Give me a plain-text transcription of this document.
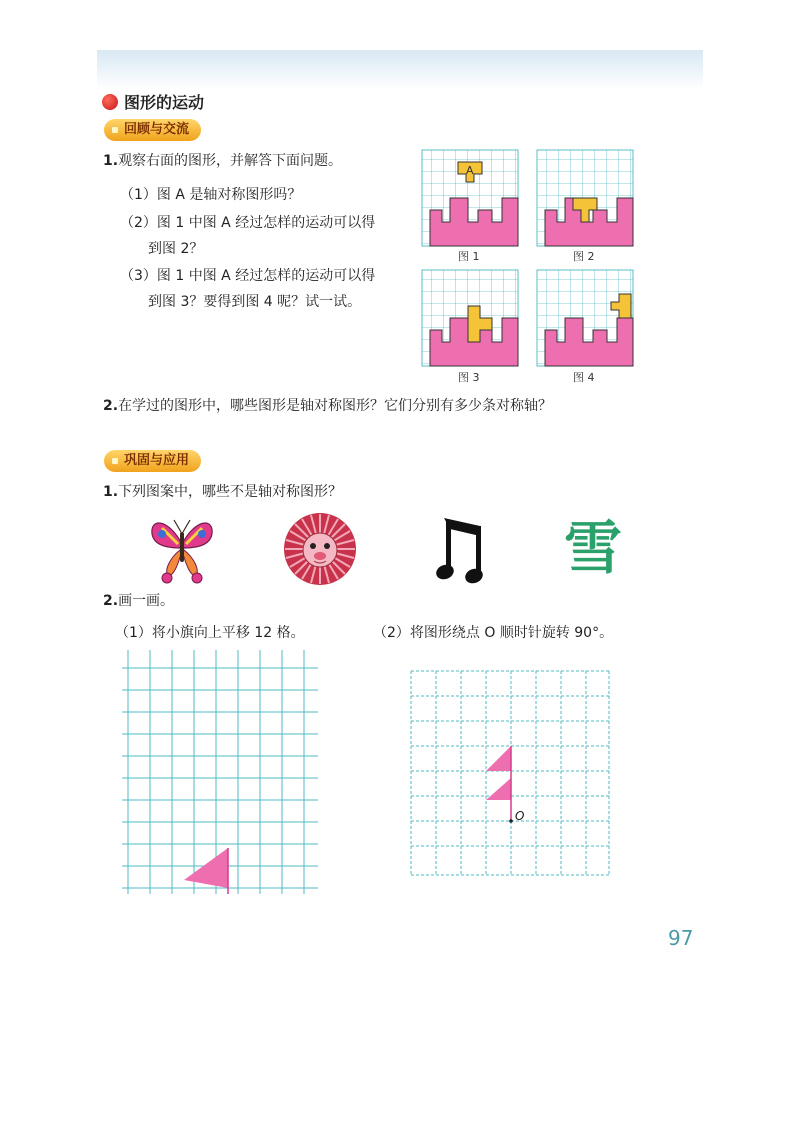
图形的运动
回顾与交流
1.观察右面的图形，并解答下面问题。
（1）图 A 是轴对称图形吗？
（2）图 1 中图 A 经过怎样的运动可以得
到图 2？
（3）图 1 中图 A 经过怎样的运动可以得
到图 3？要得到图 4 呢？试一试。
A
图 1	图 2
图 3	图 4
2.在学过的图形中，哪些图形是轴对称图形？它们分别有多少条对称轴？
巩固与应用
1.下列图案中，哪些不是轴对称图形？
雪
2.画一画。
（1）将小旗向上平移 12 格。	（2）将图形绕点 O 顺时针旋转 90°。
O
97
